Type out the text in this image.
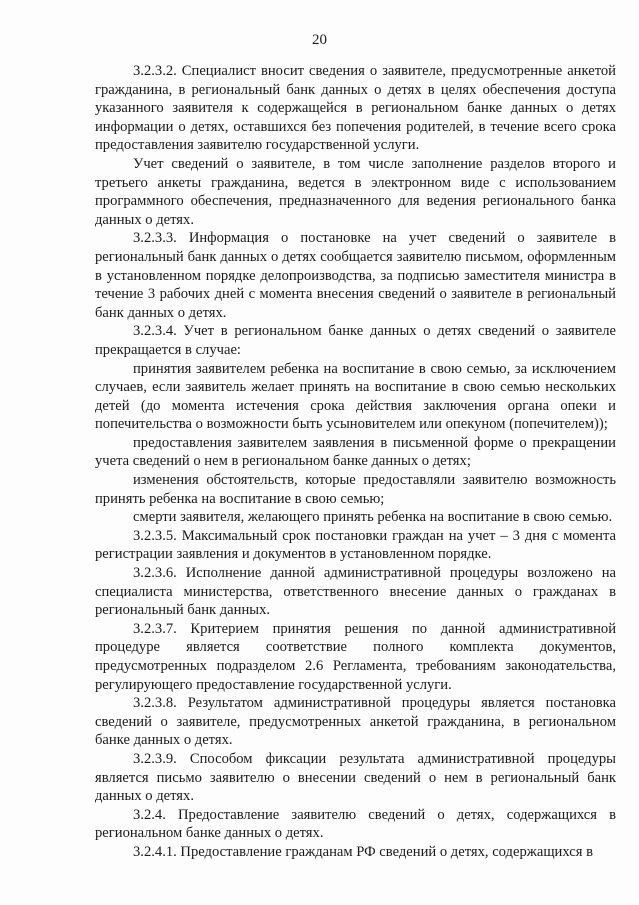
20

3.2.3.2. Специалист вносит сведения о заявителе, предусмотренные анкетой гражданина, в региональный банк данных о детях в целях обеспечения доступа указанного заявителя к содержащейся в региональном банке данных о детях информации о детях, оставшихся без попечения родителей, в течение всего срока предоставления заявителю государственной услуги.

Учет сведений о заявителе, в том числе заполнение разделов второго и третьего анкеты гражданина, ведется в электронном виде с использованием программного обеспечения, предназначенного для ведения регионального банка данных о детях.

3.2.3.3. Информация о постановке на учет сведений о заявителе в региональный банк данных о детях сообщается заявителю письмом, оформленным в установленном порядке делопроизводства, за подписью заместителя министра в течение 3 рабочих дней с момента внесения сведений о заявителе в региональный банк данных о детях.

3.2.3.4. Учет в региональном банке данных о детях сведений о заявителе прекращается в случае:

принятия заявителем ребенка на воспитание в свою семью, за исключением случаев, если заявитель желает принять на воспитание в свою семью нескольких детей (до момента истечения срока действия заключения органа опеки и попечительства о возможности быть усыновителем или опекуном (попечителем));

предоставления заявителем заявления в письменной форме о прекращении учета сведений о нем в региональном банке данных о детях;

изменения обстоятельств, которые предоставляли заявителю возможность принять ребенка на воспитание в свою семью;

смерти заявителя, желающего принять ребенка на воспитание в свою семью.

3.2.3.5. Максимальный срок постановки граждан на учет – 3 дня с момента регистрации заявления и документов в установленном порядке.

3.2.3.6. Исполнение данной административной процедуры возложено на специалиста министерства, ответственного внесение данных о гражданах в региональный банк данных.

3.2.3.7. Критерием принятия решения по данной административной процедуре является соответствие полного комплекта документов, предусмотренных подразделом 2.6 Регламента, требованиям законодательства, регулирующего предоставление государственной услуги.

3.2.3.8. Результатом административной процедуры является постановка сведений о заявителе, предусмотренных анкетой гражданина, в региональном банке данных о детях.

3.2.3.9. Способом фиксации результата административной процедуры является письмо заявителю о внесении сведений о нем в региональный банк данных о детях.

3.2.4. Предоставление заявителю сведений о детях, содержащихся в региональном банке данных о детях.

3.2.4.1. Предоставление гражданам РФ сведений о детях, содержащихся в
